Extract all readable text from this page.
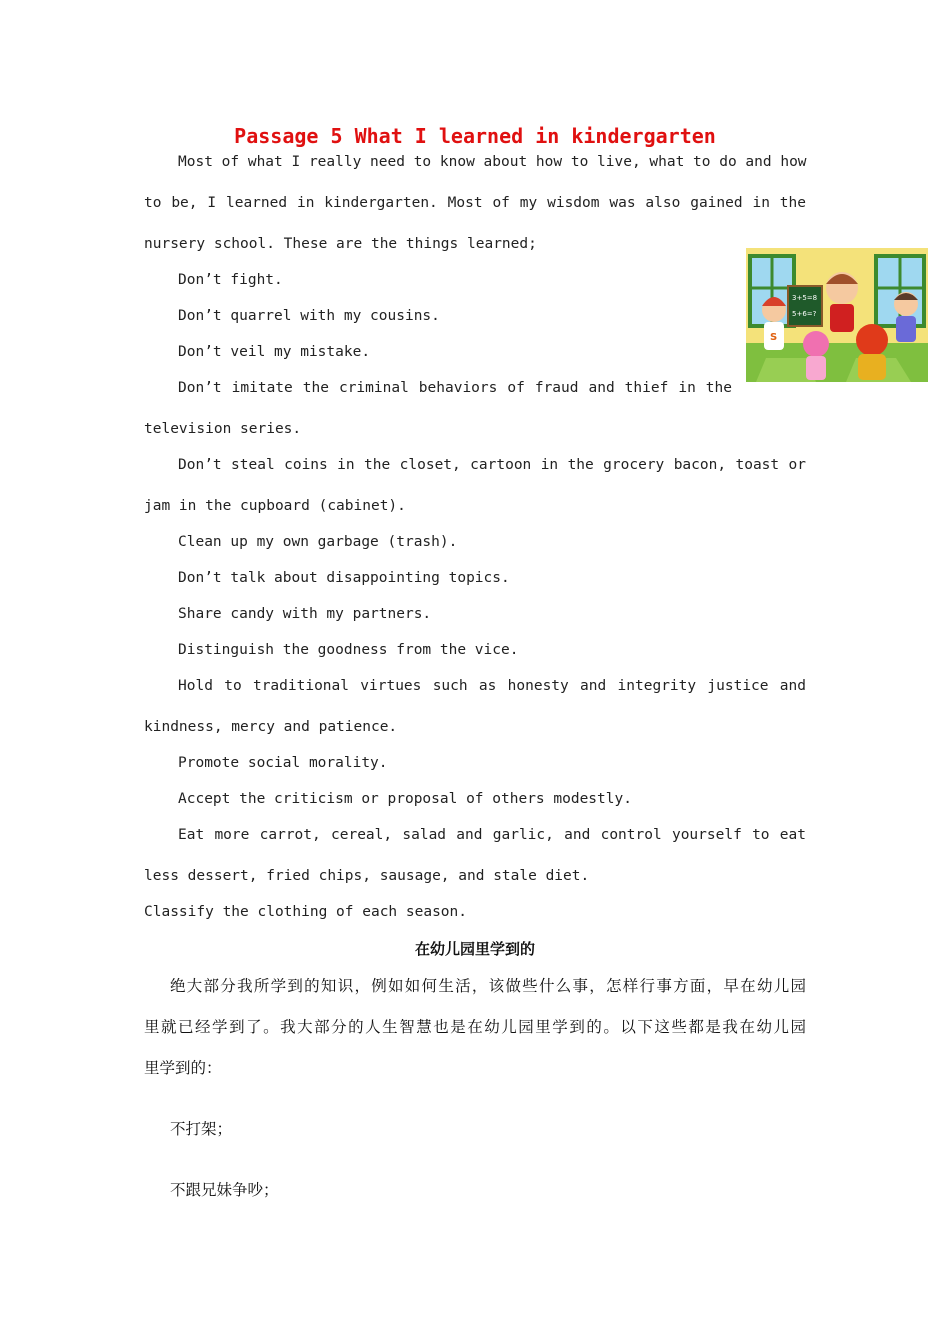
Passage 5 What I learned in kindergarten
Most of what I really need to know about how to live, what to do and how
to be, I learned in kindergarten. Most of my wisdom was also gained in the
nursery school. These are the things learned;
3+5=8
5+6=?
S
Don’t fight.
Don’t quarrel with my cousins.
Don’t veil my mistake.
Don’t imitate the criminal behaviors of fraud and thief in the
television series.
Don’t steal coins in the closet, cartoon in the grocery bacon, toast or
jam in the cupboard (cabinet).
Clean up my own garbage (trash).
Don’t talk about disappointing topics.
Share candy with my partners.
Distinguish the goodness from the vice.
Hold to traditional virtues such as honesty and integrity justice and
kindness, mercy and patience.
Promote social morality.
Accept the criticism or proposal of others modestly.
Eat more carrot, cereal, salad and garlic, and control yourself to eat
less dessert, fried chips, sausage, and stale diet.
Classify the clothing of each season.
在幼儿园里学到的
绝大部分我所学到的知识，例如如何生活，该做些什么事，怎样行事方面，早在幼儿园
里就已经学到了。我大部分的人生智慧也是在幼儿园里学到的。以下这些都是我在幼儿园
里学到的：
不打架；
不跟兄妹争吵；
